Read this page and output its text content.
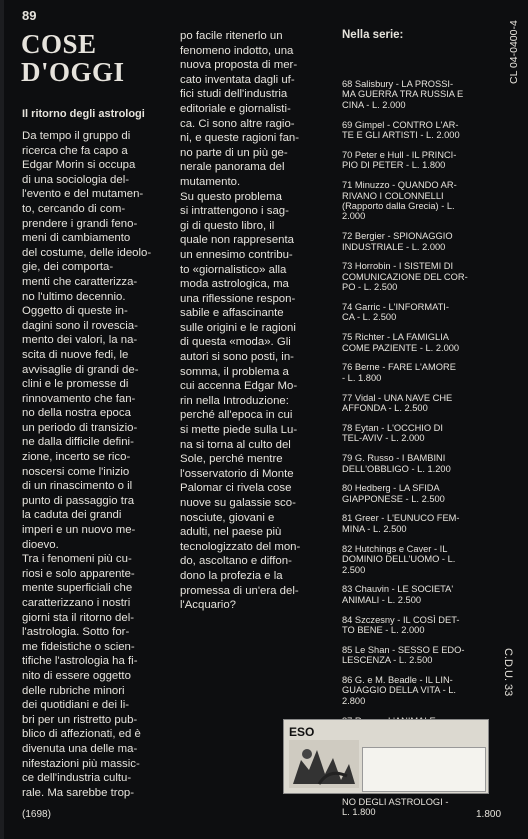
89
COSE
D'OGGI
Il ritorno degli astrologi
Da tempo il gruppo di
ricerca che fa capo a
Edgar Morin si occupa
di una sociologia del-
l'evento e del mutamen-
to, cercando di com-
prendere i grandi feno-
meni di cambiamento
del costume, delle ideolo-
gie, dei comporta-
menti che caratterizza-
no l'ultimo decennio.
Oggetto di queste in-
dagini sono il rovescia-
mento dei valori, la na-
scita di nuove fedi, le
avvisaglie di grandi de-
clini e le promesse di
rinnovamento che fan-
no della nostra epoca
un periodo di transizio-
ne dalla difficile defini-
zione, incerto se rico-
noscersi come l'inizio
di un rinascimento o il
punto di passaggio tra
la caduta dei grandi
imperi e un nuovo me-
dioevo.
Tra i fenomeni più cu-
riosi e solo apparente-
mente superficiali che
caratterizzano i nostri
giorni sta il ritorno del-
l'astrologia. Sotto for-
me fideistiche o scien-
tifiche l'astrologia ha fi-
nito di essere oggetto
delle rubriche minori
dei quotidiani e dei li-
bri per un ristretto pub-
blico di affezionati, ed è
divenuta una delle ma-
nifestazioni più massic-
ce dell'industria cultu-
rale. Ma sarebbe trop-
po facile ritenerlo un
fenomeno indotto, una
nuova proposta di mer-
cato inventata dagli uf-
fici studi dell'industria
editoriale e giornalisti-
ca. Ci sono altre ragio-
ni, e queste ragioni fan-
no parte di un più ge-
nerale panorama del
mutamento.
Su questo problema
si intrattengono i sag-
gi di questo libro, il
quale non rappresenta
un ennesimo contribu-
to «giornalistico» alla
moda astrologica, ma
una riflessione respon-
sabile e affascinante
sulle origini e le ragioni
di questa «moda». Gli
autori si sono posti, in-
somma, il problema a
cui accenna Edgar Mo-
rin nella Introduzione:
perché all'epoca in cui
si mette piede sulla Lu-
na si torna al culto del
Sole, perché mentre
l'osservatorio di Monte
Palomar ci rivela cose
nuove su galassie sco-
nosciute, giovani e
adulti, nel paese più
tecnologizzato del mon-
do, ascoltano e diffon-
dono la profezia e la
promessa di un'era del-
l'Acquario?
Nella serie:
68 Salisbury - LA PROSSI-
MA GUERRA TRA RUSSIA E
CINA - L. 2.000
69 Gimpel - CONTRO L'AR-
TE E GLI ARTISTI - L. 2.000
70 Peter e Hull - IL PRINCI-
PIO DI PETER - L. 1.800
71 Minuzzo - QUANDO AR-
RIVANO I COLONNELLI
(Rapporto dalla Grecia) - L.
2.000
72 Bergier - SPIONAGGIO
INDUSTRIALE - L. 2.000
73 Horrobin - I SISTEMI DI
COMUNICAZIONE DEL COR-
PO - L. 2.500
74 Garric - L'INFORMATI-
CA - L. 2.500
75 Richter - LA FAMIGLIA
COME PAZIENTE - L. 2.000
76 Berne - FARE L'AMORE
- L. 1.800
77 Vidal - UNA NAVE CHE
AFFONDA - L. 2.500
78 Eytan - L'OCCHIO DI
TEL-AVIV - L. 2.000
79 G. Russo - I BAMBINI
DELL'OBBLIGO - L. 1.200
80 Hedberg - LA SFIDA
GIAPPONESE - L. 2.500
81 Greer - L'EUNUCO FEM-
MINA - L. 2.500
82 Hutchings e Caver - IL
DOMINIO DELL'UOMO - L.
2.500
83 Chauvin - LE SOCIETA'
ANIMALI - L. 2.500
84 Szczesny - IL COSÌ DET-
TO BENE - L. 2.000
85 Le Shan - SESSO E EDO-
LESCENZA - L. 2.500
86 G. e M. Beadle - IL LIN-
GUAGGIO DELLA VITA - L.
2.800
NO DEGLI ASTROLOGI -
L. 1.800
CL 04-0400-4
C.D.U. 33
ESO
(1698)	1.800
